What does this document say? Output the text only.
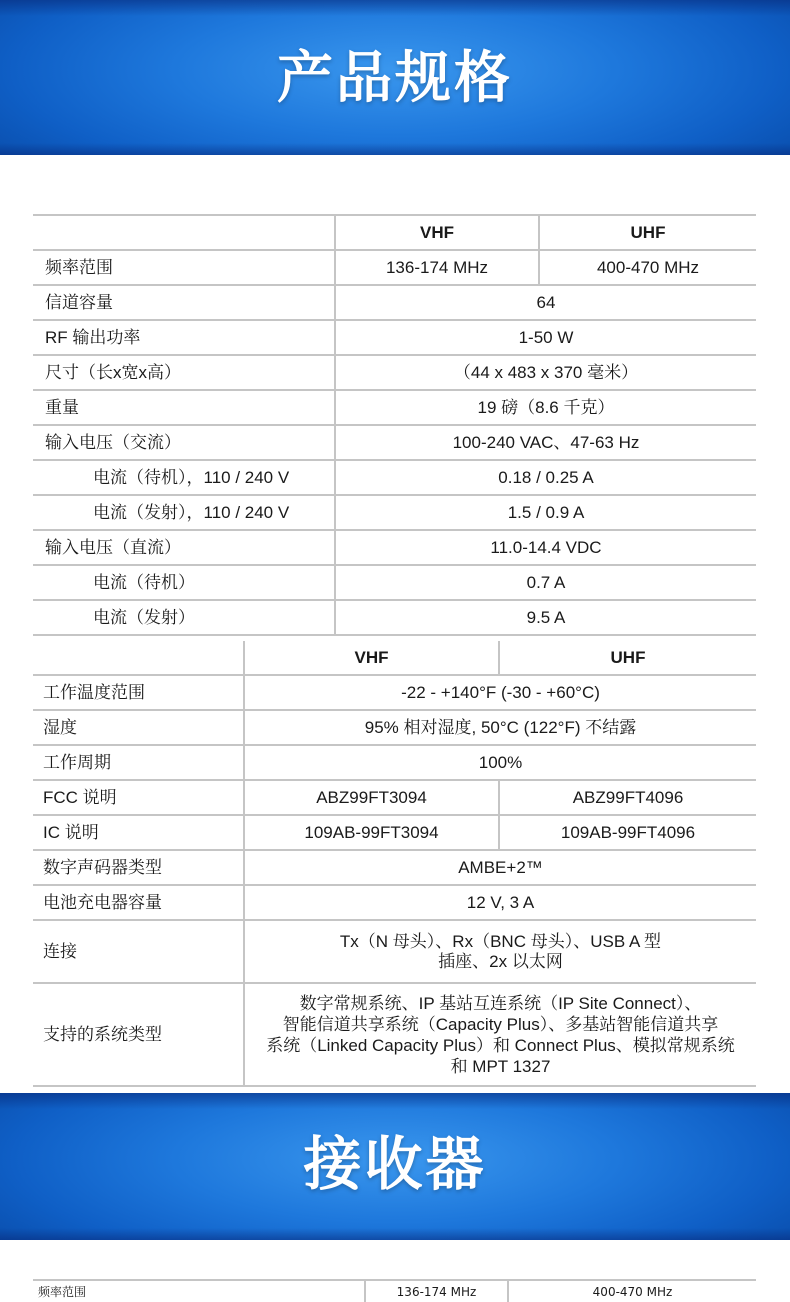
产品规格
	VHF	UHF
频率范围	136-174 MHz	400-470 MHz
信道容量	64	
RF 输出功率	1-50 W	
尺寸（长x宽x高）	（44 x 483 x 370 毫米）	
重量	19 磅（8.6 千克）	
输入电压（交流）	100-240 VAC、47-63 Hz	
电流（待机），110 / 240 V	0.18 / 0.25 A	
电流（发射），110 / 240 V	1.5 / 0.9 A	
输入电压（直流）	11.0-14.4 VDC	
电流（待机）	0.7 A	
电流（发射）	9.5 A	
	VHF	UHF
工作温度范围	-22 - +140°F (-30 - +60°C)	
湿度	95% 相对湿度, 50°C (122°F) 不结露	
工作周期	100%	
FCC 说明	ABZ99FT3094	ABZ99FT4096
IC 说明	109AB-99FT3094	109AB-99FT4096
数字声码器类型	AMBE+2™	
电池充电器容量	12 V, 3 A	
连接	Tx（N 母头）、Rx（BNC 母头）、USB A 型
插座、2x 以太网	

支持的系统类型	数字常规系统、IP 基站互连系统（IP Site Connect）、
智能信道共享系统（Capacity Plus）、多基站智能信道共享
系统（Linked Capacity Plus）和 Connect Plus、模拟常规系统
和 MPT 1327	
接收器
频率范围	136-174 MHz	400-470 MHz
